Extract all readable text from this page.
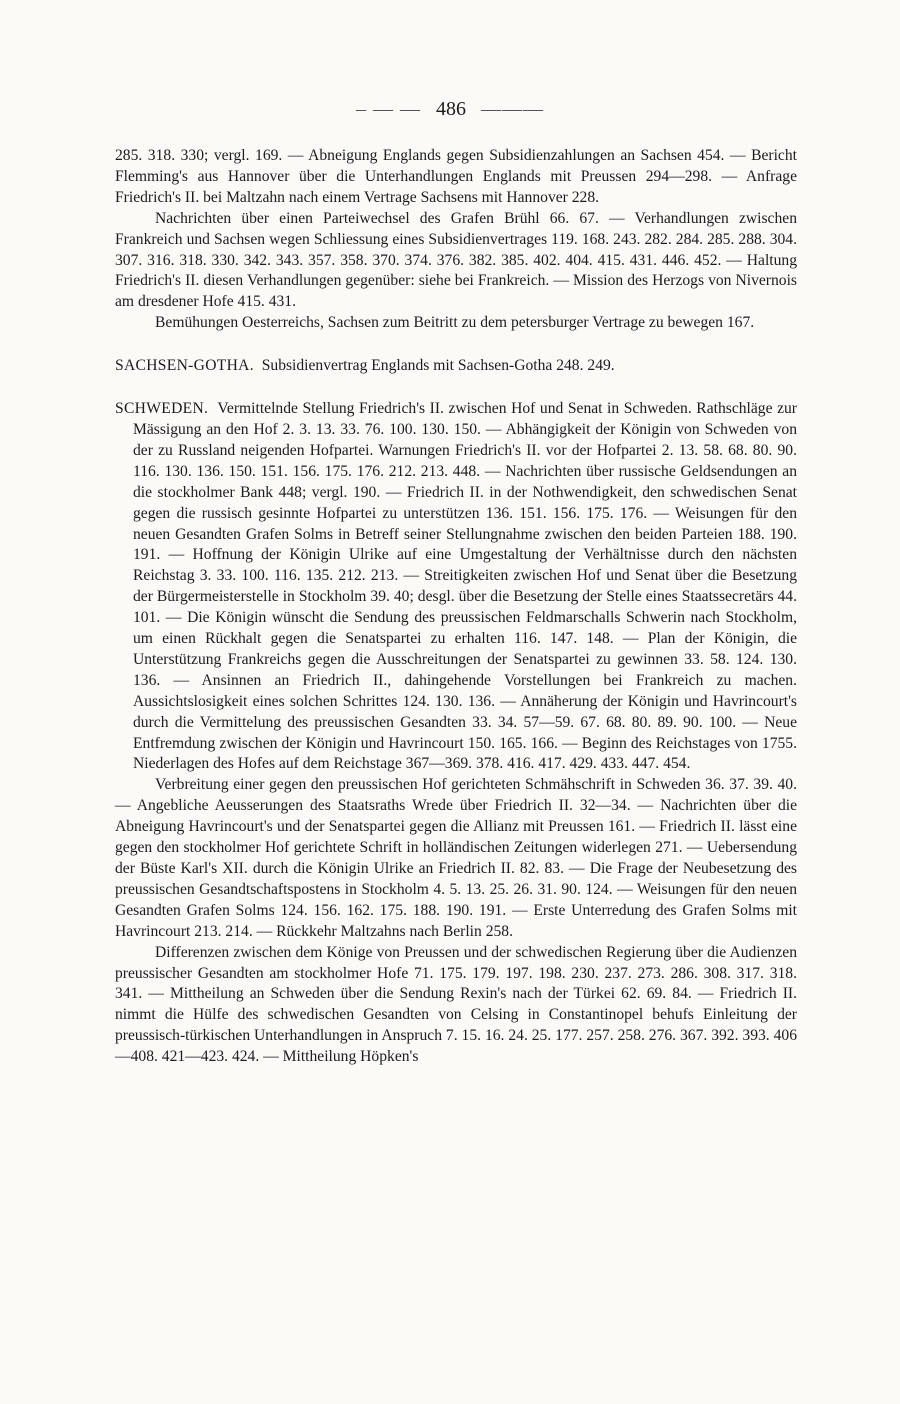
– — — 486 ———

285. 318. 330; vergl. 169. — Abneigung Englands gegen Subsidienzahlungen an Sachsen 454. — Bericht Flemming's aus Hannover über die Unterhandlungen Englands mit Preussen 294—298. — Anfrage Friedrich's II. bei Maltzahn nach einem Vertrage Sachsens mit Hannover 228.

Nachrichten über einen Parteiwechsel des Grafen Brühl 66. 67. — Verhandlungen zwischen Frankreich und Sachsen wegen Schliessung eines Subsidienvertrages 119. 168. 243. 282. 284. 285. 288. 304. 307. 316. 318. 330. 342. 343. 357. 358. 370. 374. 376. 382. 385. 402. 404. 415. 431. 446. 452. — Haltung Friedrich's II. diesen Verhandlungen gegenüber: siehe bei Frankreich. — Mission des Herzogs von Nivernois am dresdener Hofe 415. 431.

Bemühungen Oesterreichs, Sachsen zum Beitritt zu dem petersburger Vertrage zu bewegen 167.

SACHSEN-GOTHA. Subsidienvertrag Englands mit Sachsen-Gotha 248. 249.

SCHWEDEN. Vermittelnde Stellung Friedrich's II. zwischen Hof und Senat in Schweden. Rathschläge zur Mässigung an den Hof 2. 3. 13. 33. 76. 100. 130. 150. — Abhängigkeit der Königin von Schweden von der zu Russland neigenden Hofpartei. Warnungen Friedrich's II. vor der Hofpartei 2. 13. 58. 68. 80. 90. 116. 130. 136. 150. 151. 156. 175. 176. 212. 213. 448. — Nachrichten über russische Geldsendungen an die stockholmer Bank 448; vergl. 190. — Friedrich II. in der Nothwendigkeit, den schwedischen Senat gegen die russisch gesinnte Hofpartei zu unterstützen 136. 151. 156. 175. 176. — Weisungen für den neuen Gesandten Grafen Solms in Betreff seiner Stellungnahme zwischen den beiden Parteien 188. 190. 191. — Hoffnung der Königin Ulrike auf eine Umgestaltung der Verhältnisse durch den nächsten Reichstag 3. 33. 100. 116. 135. 212. 213. — Streitigkeiten zwischen Hof und Senat über die Besetzung der Bürgermeisterstelle in Stockholm 39. 40; desgl. über die Besetzung der Stelle eines Staatssecretärs 44. 101. — Die Königin wünscht die Sendung des preussischen Feldmarschalls Schwerin nach Stockholm, um einen Rückhalt gegen die Senatspartei zu erhalten 116. 147. 148. — Plan der Königin, die Unterstützung Frankreichs gegen die Ausschreitungen der Senatspartei zu gewinnen 33. 58. 124. 130. 136. — Ansinnen an Friedrich II., dahingehende Vorstellungen bei Frankreich zu machen. Aussichtslosigkeit eines solchen Schrittes 124. 130. 136. — Annäherung der Königin und Havrincourt's durch die Vermittelung des preussischen Gesandten 33. 34. 57—59. 67. 68. 80. 89. 90. 100. — Neue Entfremdung zwischen der Königin und Havrincourt 150. 165. 166. — Beginn des Reichstages von 1755. Niederlagen des Hofes auf dem Reichstage 367—369. 378. 416. 417. 429. 433. 447. 454.

Verbreitung einer gegen den preussischen Hof gerichteten Schmähschrift in Schweden 36. 37. 39. 40. — Angebliche Aeusserungen des Staatsraths Wrede über Friedrich II. 32—34. — Nachrichten über die Abneigung Havrincourt's und der Senatspartei gegen die Allianz mit Preussen 161. — Friedrich II. lässt eine gegen den stockholmer Hof gerichtete Schrift in holländischen Zeitungen widerlegen 271. — Uebersendung der Büste Karl's XII. durch die Königin Ulrike an Friedrich II. 82. 83. — Die Frage der Neubesetzung des preussischen Gesandtschaftspostens in Stockholm 4. 5. 13. 25. 26. 31. 90. 124. — Weisungen für den neuen Gesandten Grafen Solms 124. 156. 162. 175. 188. 190. 191. — Erste Unterredung des Grafen Solms mit Havrincourt 213. 214. — Rückkehr Maltzahns nach Berlin 258.

Differenzen zwischen dem Könige von Preussen und der schwedischen Regierung über die Audienzen preussischer Gesandten am stockholmer Hofe 71. 175. 179. 197. 198. 230. 237. 273. 286. 308. 317. 318. 341. — Mittheilung an Schweden über die Sendung Rexin's nach der Türkei 62. 69. 84. — Friedrich II. nimmt die Hülfe des schwedischen Gesandten von Celsing in Constantinopel behufs Einleitung der preussisch-türkischen Unterhandlungen in Anspruch 7. 15. 16. 24. 25. 177. 257. 258. 276. 367. 392. 393. 406—408. 421—423. 424. — Mittheilung Höpken's
